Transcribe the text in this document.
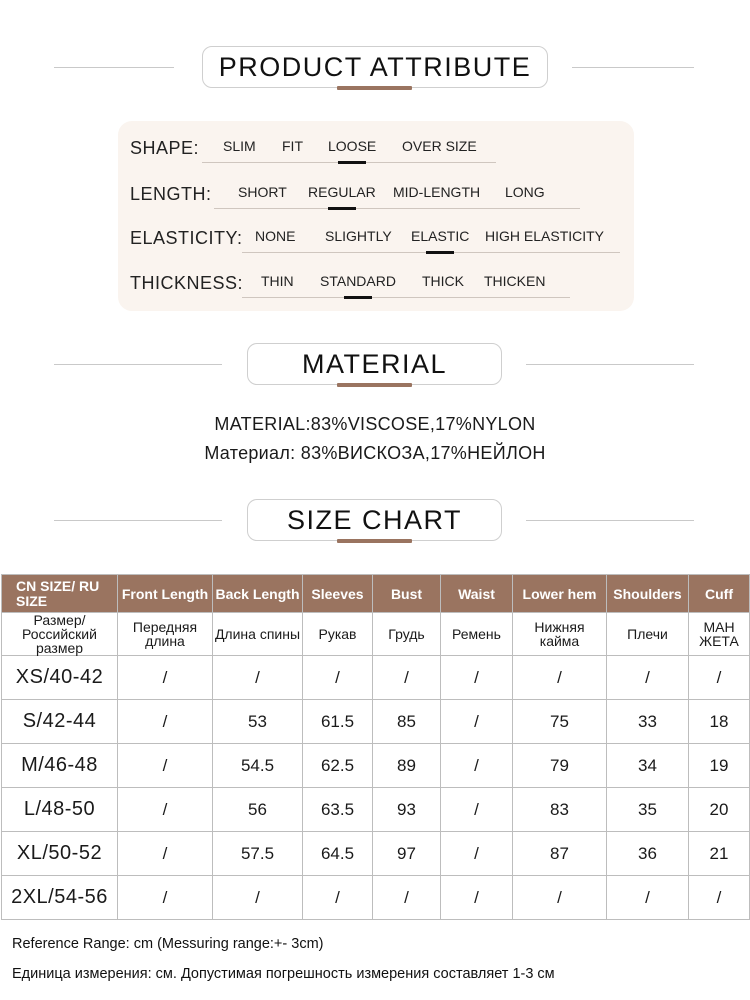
PRODUCT ATTRIBUTE
SHAPE: SLIM FIT LOOSE OVER SIZE
LENGTH: SHORT REGULAR MID-LENGTH LONG
ELASTICITY: NONE SLIGHTLY ELASTIC HIGH ELASTICITY
THICKNESS: THIN STANDARD THICK THICKEN
MATERIAL
MATERIAL:83%VISCOSE,17%NYLON
Материал: 83%ВИСКОЗА,17%НЕЙЛОН
SIZE CHART
CN SIZE/ RU SIZE	Front Length	Back Length	Sleeves	Bust	Waist	Lower hem	Shoulders	Cuff
Размер/ Российский размер	Передняя длина	Длина спины	Рукав	Грудь	Ремень	Нижняя кайма	Плечи	МАН ЖЕТА
XS/40-42	/	/	/	/	/	/	/	/
S/42-44	/	53	61.5	85	/	75	33	18
M/46-48	/	54.5	62.5	89	/	79	34	19
L/48-50	/	56	63.5	93	/	83	35	20
XL/50-52	/	57.5	64.5	97	/	87	36	21
2XL/54-56	/	/	/	/	/	/	/	/
Reference Range: cm (Messuring range:+- 3cm)
Единица измерения: см. Допустимая погрешность измерения составляет 1-3 см
